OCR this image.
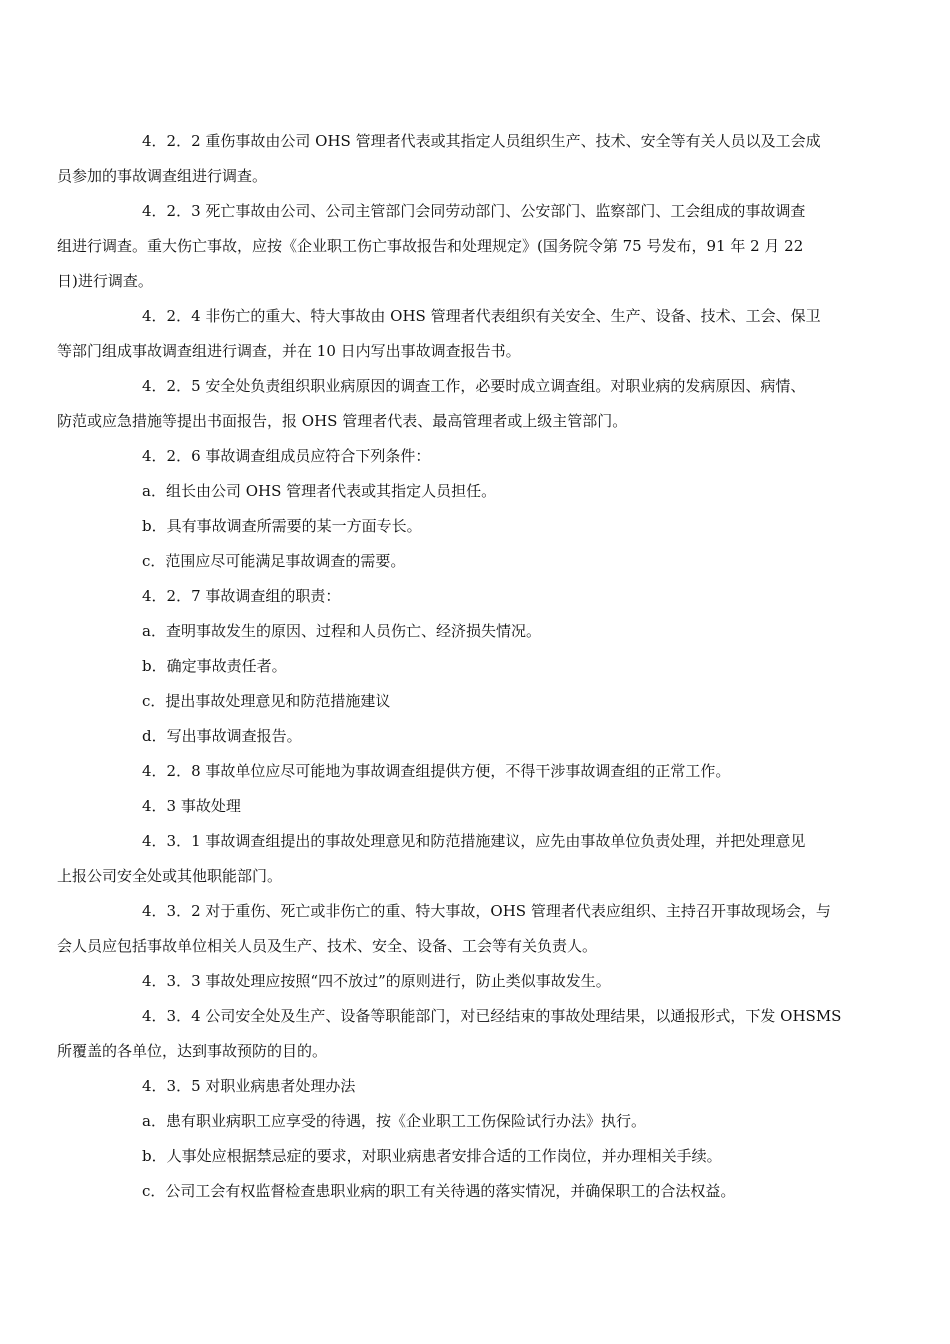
4．2．2 重伤事故由公司 OHS 管理者代表或其指定人员组织生产、技术、安全等有关人员以及工会成
员参加的事故调查组进行调查。

4．2．3 死亡事故由公司、公司主管部门会同劳动部门、公安部门、监察部门、工会组成的事故调查
组进行调查。重大伤亡事故，应按《企业职工伤亡事故报告和处理规定》(国务院令第 75 号发布，91 年 2 月 22
日)进行调查。

4．2．4 非伤亡的重大、特大事故由 OHS 管理者代表组织有关安全、生产、设备、技术、工会、保卫
等部门组成事故调查组进行调查，并在 10 日内写出事故调查报告书。

4．2．5 安全处负责组织职业病原因的调查工作，必要时成立调查组。对职业病的发病原因、病情、
防范或应急措施等提出书面报告，报 OHS 管理者代表、最高管理者或上级主管部门。

4．2．6 事故调查组成员应符合下列条件：

a．组长由公司 OHS 管理者代表或其指定人员担任。

b．具有事故调查所需要的某一方面专长。

c．范围应尽可能满足事故调查的需要。

4．2．7 事故调查组的职责：

a．查明事故发生的原因、过程和人员伤亡、经济损失情况。

b．确定事故责任者。

c．提出事故处理意见和防范措施建议

d．写出事故调查报告。

4．2．8 事故单位应尽可能地为事故调查组提供方便，不得干涉事故调查组的正常工作。

4．3 事故处理

4．3．1 事故调查组提出的事故处理意见和防范措施建议，应先由事故单位负责处理，并把处理意见
上报公司安全处或其他职能部门。

4．3．2 对于重伤、死亡或非伤亡的重、特大事故，OHS 管理者代表应组织、主持召开事故现场会，与
会人员应包括事故单位相关人员及生产、技术、安全、设备、工会等有关负责人。

4．3．3 事故处理应按照“四不放过”的原则进行，防止类似事故发生。

4．3．4 公司安全处及生产、设备等职能部门，对已经结束的事故处理结果，以通报形式，下发 OHSMS
所覆盖的各单位，达到事故预防的目的。

4．3．5 对职业病患者处理办法

a．患有职业病职工应享受的待遇，按《企业职工工伤保险试行办法》执行。

b．人事处应根据禁忌症的要求，对职业病患者安排合适的工作岗位，并办理相关手续。

c．公司工会有权监督检查患职业病的职工有关待遇的落实情况，并确保职工的合法权益。
